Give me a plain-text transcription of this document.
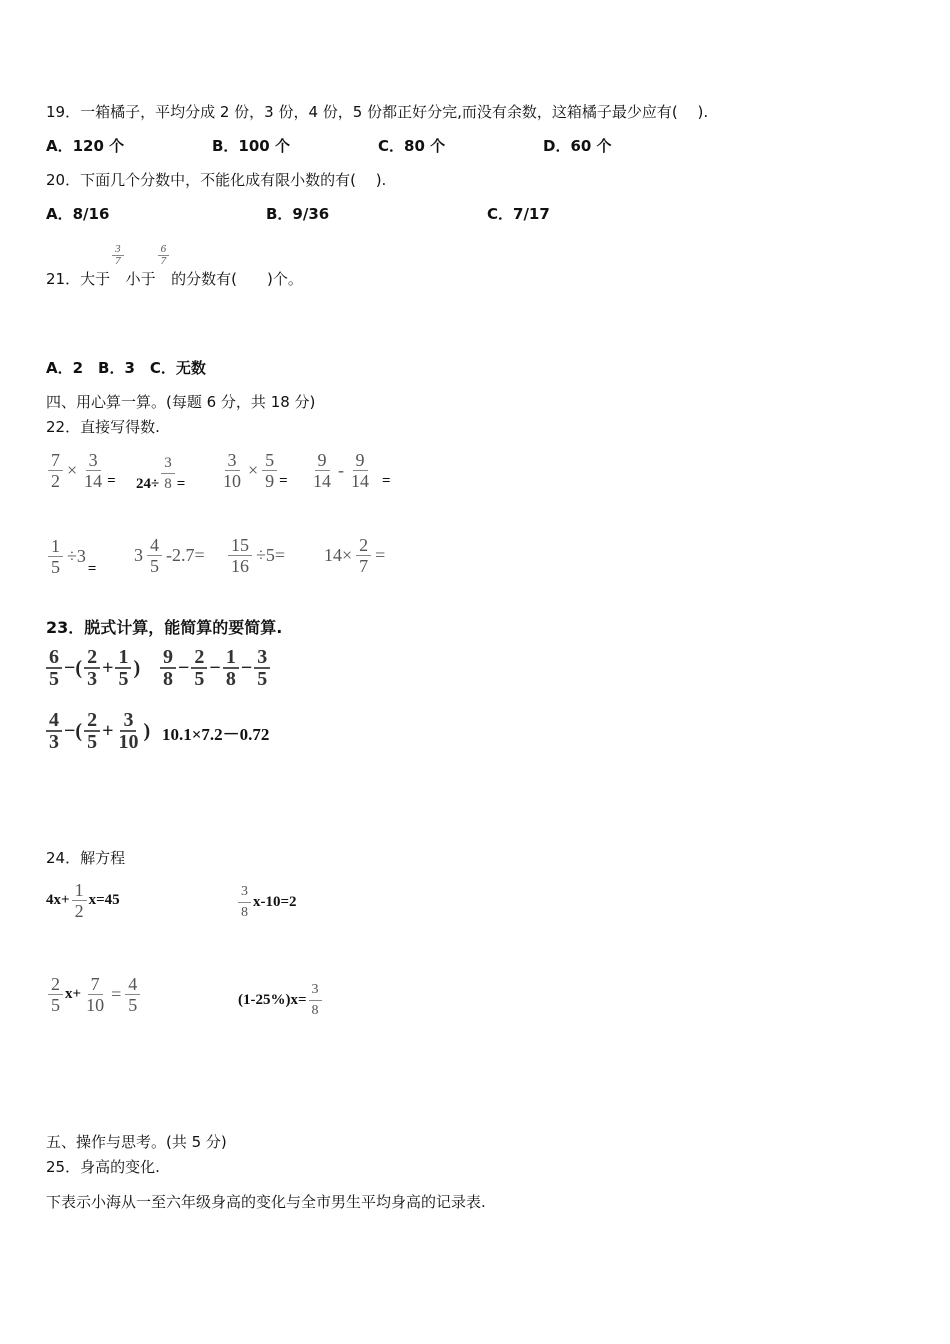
19．一箱橘子，平均分成 2 份，3 份，4 份，5 份都正好分完,而没有余数，这箱橘子最少应有(　 ).
A．120 个	B．100 个	C．80 个	D．60 个
20．下面几个分数中，不能化成有限小数的有(　 ).
A．8/16	B．9/36	C．7/17
21．大于
$\frac{3}{7}$
小于
$\frac{6}{7}$
的分数有(　　)个。
A．2　B．3　C．无数
四、用心算一算。(每题 6 分，共 18 分)
22．直接写得数.
$\frac{7}{2} \times \frac{3}{14} = 24\div \frac{3}{8} = \frac{3}{10} \times \frac{5}{9} = \frac{9}{14} - \frac{9}{14}$ =
$\frac{1}{5} \div 3$
=
$3 \frac{4}{5} -2.7= \frac{15}{16} \div 5= 14\times \frac{2}{7}$ =
23．脱式计算，能简算的要简算.
$\frac{6}{5}$ −( $\frac{2}{3} + \frac{1}{5}$ ) $\frac{9}{8} - \frac{2}{5} - \frac{1}{8} - \frac{3}{5}$
$\frac{4}{3}$ −( $\frac{2}{5} + \frac{3}{10}$ ) 10.1×7.2－0.72
24．解方程
$4x+ \frac{1}{2} x=45$	$\frac{3}{8} x-10=2$
$\frac{2}{5} x+ \frac{7}{10} = \frac{4}{5}$	$(1-25\%)x= \frac{3}{8}$
五、操作与思考。(共 5 分)
25．身高的变化.
下表示小海从一至六年级身高的变化与全市男生平均身高的记录表.
